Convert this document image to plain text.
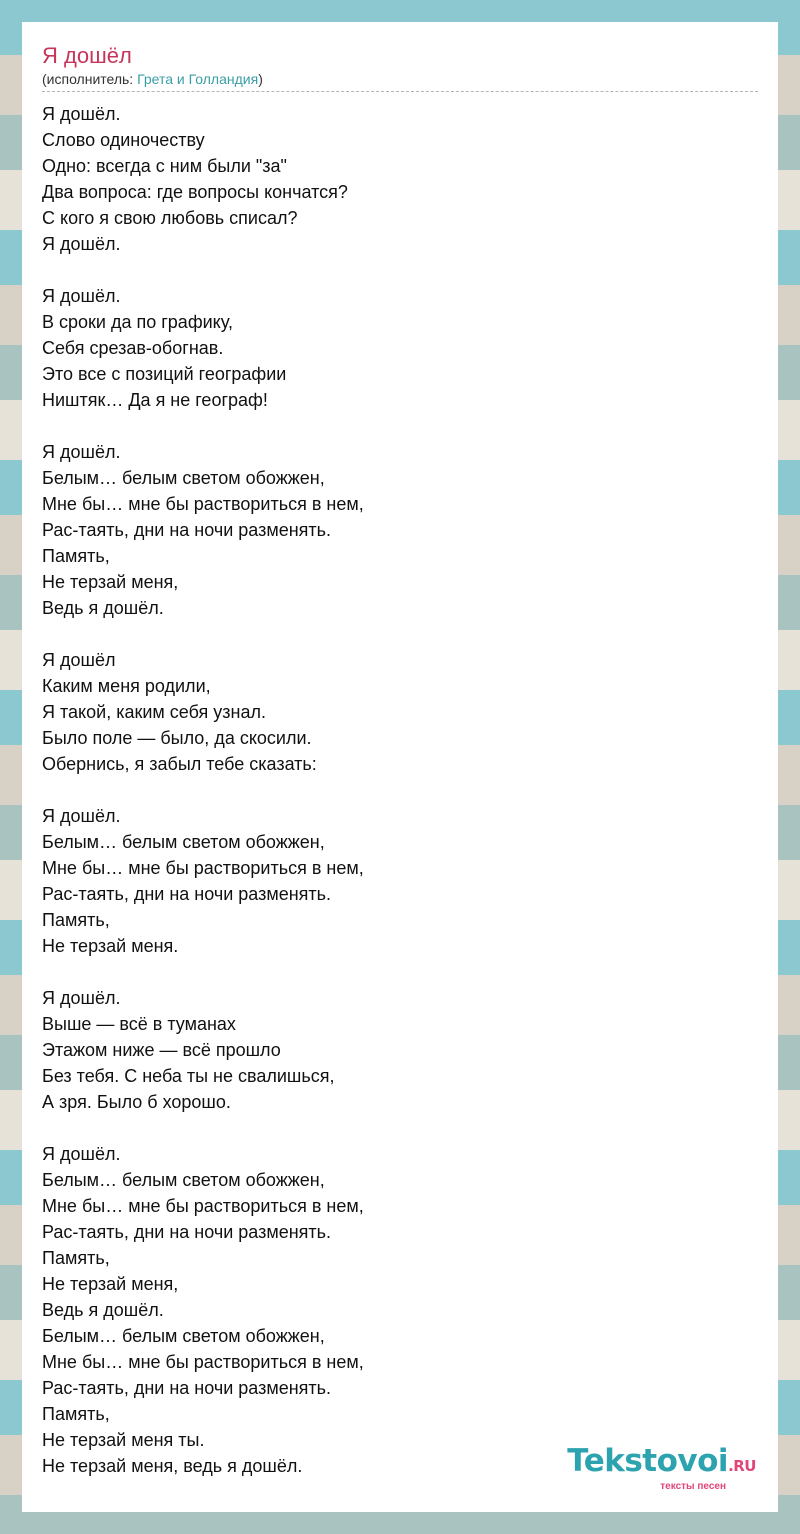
Я дошёл
(исполнитель: Грета и Голландия)
Я дошёл.
Слово одиночеству
Одно: всегда с ним были "за"
Два вопроса: где вопросы кончатся?
С кого я свою любовь списал?
Я дошёл.
Я дошёл.
В сроки да по графику,
Себя срезав-обогнав.
Это все с позиций географии
Ништяк… Да я не географ!
Я дошёл.
Белым… белым светом обожжен,
Мне бы… мне бы раствориться в нем,
Рас-таять, дни на ночи разменять.
Память,
Не терзай меня,
Ведь я дошёл.
Я дошёл
Каким меня родили,
Я такой, каким себя узнал.
Было поле — было, да скосили.
Обернись, я забыл тебе сказать:
Я дошёл.
Белым… белым светом обожжен,
Мне бы… мне бы раствориться в нем,
Рас-таять, дни на ночи разменять.
Память,
Не терзай меня.
Я дошёл.
Выше — всё в туманах
Этажом ниже — всё прошло
Без тебя. С неба ты не свалишься,
А зря. Было б хорошо.
Я дошёл.
Белым… белым светом обожжен,
Мне бы… мне бы раствориться в нем,
Рас-таять, дни на ночи разменять.
Память,
Не терзай меня,
Ведь я дошёл.
Белым… белым светом обожжен,
Мне бы… мне бы раствориться в нем,
Рас-таять, дни на ночи разменять.
Память,
Не терзай меня ты.
Не терзай меня, ведь я дошёл.	Tekstovoi.RU
тексты песен
